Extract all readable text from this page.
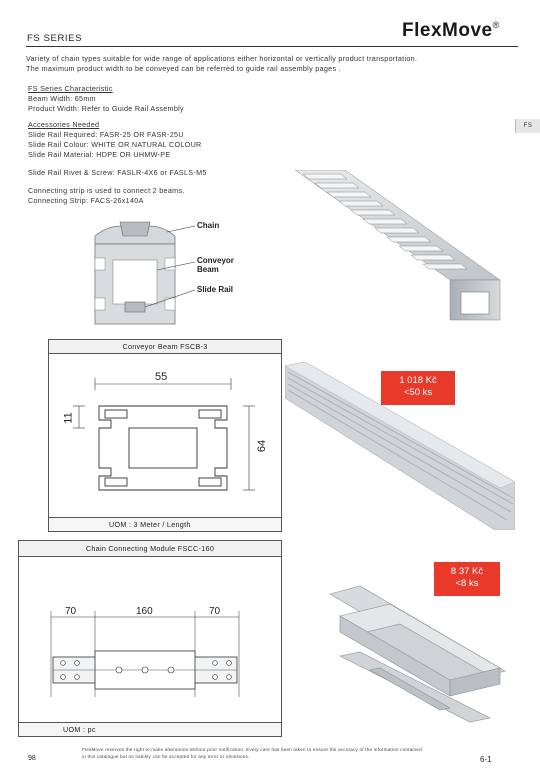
FS SERIES	FlexMove®
Variety of chain types suitable for wide range of applications either horizontal or vertically product transportation.
The maximum product width to be conveyed can be referred to guide rail assembly pages .
FS Series Characteristic
Beam Width: 65mm
Product Width: Refer to Guide Rail Assembly
Accessories Needed
Slide Rail Required: FASR-25 OR FASR-25U
Slide Rail Colour: WHITE OR NATURAL COLOUR
Slide Rail Material: HDPE OR UHMW-PE
Slide Rail Rivet & Screw: FASLR-4X6 or FASLS-M5
Connecting strip is used to connect 2 beams.
Connecting Strip: FACS-26x140A
FS
Chain
Conveyor
Beam
Slide Rail
Conveyor Beam FSCB-3
55
11
64
UOM : 3 Meter / Length
1 018 Kč
<50 ks
Chain Connecting Module FSCC-160
70	160	70
UOM : pc
8 37 Kč
<8 ks
98
FlexMove reserves the right to make alterations without prior notification. Every care has been taken to ensure the accuracy of the information contained
in this catalogue but no liability can be accepted for any error or omissions.	6-1
